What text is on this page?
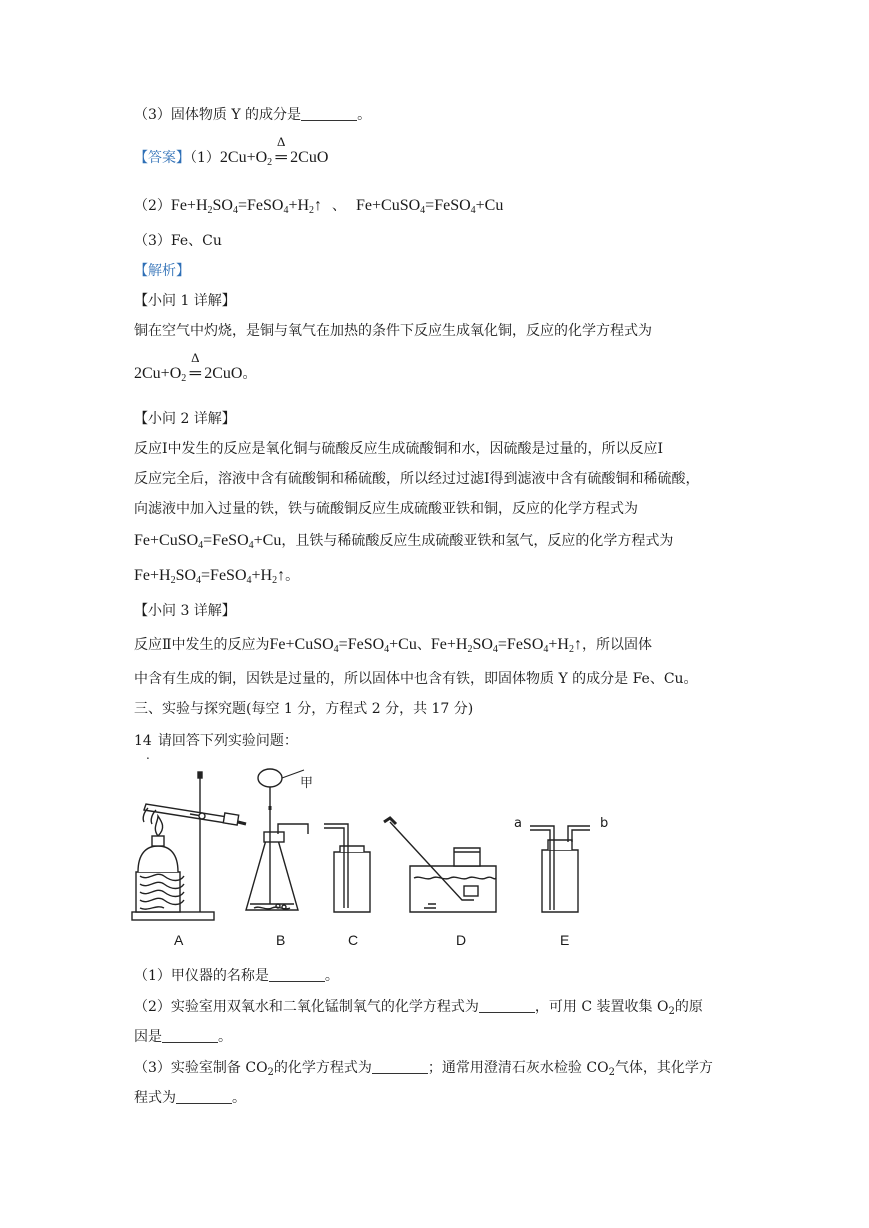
（3）固体物质 Y 的成分是	。
【答案】$(1)2Cu+O_2$
Δ
═ 2CuO
$(2)Fe+H_2SO_4=FeSO_4+H_2↑$ 、 Fe+CuSO$_4$=FeSO$_4$+Cu
（3）Fe、Cu
【解析】
【小问 1 详解】
铜在空气中灼烧，是铜与氧气在加热的条件下反应生成氧化铜，反应的化学方程式为
$2Cu+O_2$
Δ
═ 2CuO。
【小问 2 详解】
反应Ⅰ中发生的反应是氧化铜与硫酸反应生成硫酸铜和水，因硫酸是过量的，所以反应Ⅰ
反应完全后，溶液中含有硫酸铜和稀硫酸，所以经过过滤Ⅰ得到滤液中含有硫酸铜和稀硫酸，
向滤液中加入过量的铁，铁与硫酸铜反应生成硫酸亚铁和铜，反应的化学方程式为
Fe+CuSO$_4$=FeSO$_4$+Cu，且铁与稀硫酸反应生成硫酸亚铁和氢气，反应的化学方程式为
$Fe+H_2SO_4=FeSO_4+H_2↑$。
【小问 3 详解】
反应Ⅱ中发生的反应为Fe+CuSO$_4$=FeSO$_4$+Cu、$Fe+H_2SO_4=FeSO_4+H_2↑$，所以固体
中含有生成的铜，因铁是过量的，所以固体中也含有铁，即固体物质 Y 的成分是 Fe、Cu。
三、实验与探究题(每空 1 分，方程式 2 分，共 17 分)
14 请回答下列实验问题：
.
甲
a	b
A	B	C	D	E
（1）甲仪器的名称是	。
（2）实验室用双氧水和二氧化锰制氧气的化学方程式为	，可用 C 装置收集 $O_2$的原
因是	。
（3）实验室制备 $CO_2$的化学方程式为	；通常用澄清石灰水检验 $CO_2$气体，其化学方
程式为	。
